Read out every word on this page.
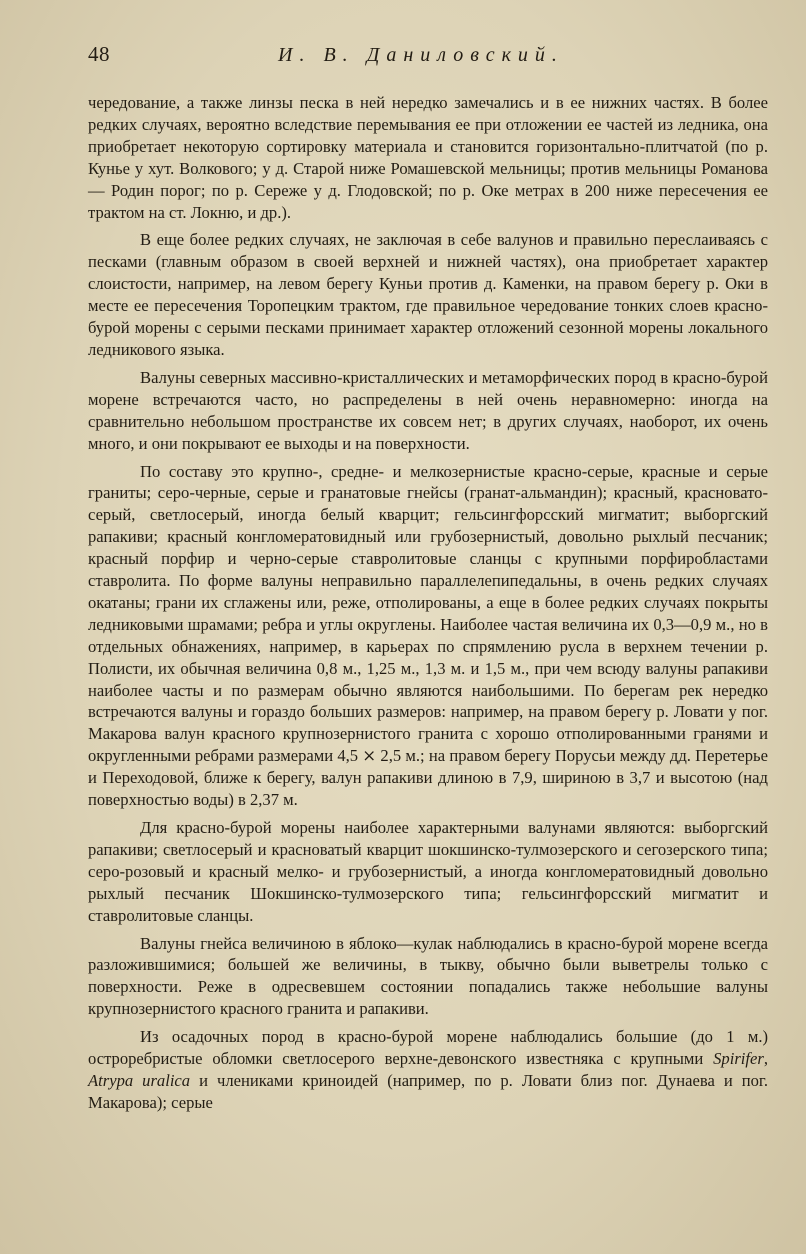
48	И. В. Даниловский.

чередование, а также линзы песка в ней нередко замечались и в ее нижних частях. В более редких случаях, вероятно вследствие перемывания ее при отложении ее частей из ледника, она приобретает некоторую сортировку материала и становится горизонтально-плитчатой (по р. Кунье у хут. Волкового; у д. Старой ниже Ромашевской мельницы; против мельницы Романова — Родин порог; по р. Сереже у д. Глодовской; по р. Оке метрах в 200 ниже пересечения ее трактом на ст. Локню, и др.).

В еще более редких случаях, не заключая в себе валунов и правильно переслаиваясь с песками (главным образом в своей верхней и нижней частях), она приобретает характер слоистости, например, на левом берегу Куньи против д. Каменки, на правом берегу р. Оки в месте ее пересечения Торопецким трактом, где правильное чередование тонких слоев красно-бурой морены с серыми песками принимает характер отложений сезонной морены локального ледникового языка.

Валуны северных массивно-кристаллических и метаморфических пород в красно-бурой морене встречаются часто, но распределены в ней очень неравномерно: иногда на сравнительно небольшом пространстве их совсем нет; в других случаях, наоборот, их очень много, и они покрывают ее выходы и на поверхности.

По составу это крупно-, средне- и мелкозернистые красно-серые, красные и серые граниты; серо-черные, серые и гранатовые гнейсы (гранат-альмандин); красный, красновато-серый, светлосерый, иногда белый кварцит; гельсингфорсский мигматит; выборгский рапакиви; красный конгломератовидный или грубозернистый, довольно рыхлый песчаник; красный порфир и черно-серые ставролитовые сланцы с крупными порфиробластами ставролита. По форме валуны неправильно параллелепипедальны, в очень редких случаях окатаны; грани их сглажены или, реже, отполированы, а еще в более редких случаях покрыты ледниковыми шрамами; ребра и углы округлены. Наиболее частая величина их 0,3—0,9 м., но в отдельных обнажениях, например, в карьерах по спрямлению русла в верхнем течении р. Полисти, их обычная величина 0,8 м., 1,25 м., 1,3 м. и 1,5 м., при чем всюду валуны рапакиви наиболее часты и по размерам обычно являются наибольшими. По берегам рек нередко встречаются валуны и гораздо больших размеров: например, на правом берегу р. Ловати у пог. Макарова валун красного крупнозернистого гранита с хорошо отполированными гранями и округленными ребрами размерами 4,5 ⨯ 2,5 м.; на правом берегу Порусьи между дд. Перетерье и Переходовой, ближе к берегу, валун рапакиви длиною в 7,9, шириною в 3,7 и высотою (над поверхностью воды) в 2,37 м.

Для красно-бурой морены наиболее характерными валунами являются: выборгский рапакиви; светлосерый и красноватый кварцит шокшинско-тулмозерского и сегозерского типа; серо-розовый и красный мелко- и грубозернистый, а иногда конгломератовидный довольно рыхлый песчаник Шокшинско-тулмозерского типа; гельсингфорсский мигматит и ставролитовые сланцы.

Валуны гнейса величиною в яблоко—кулак наблюдались в красно-бурой морене всегда разложившимися; большей же величины, в тыкву, обычно были выветрелы только с поверхности. Реже в одресвевшем состоянии попадались также небольшие валуны крупнозернистого красного гранита и рапакиви.

Из осадочных пород в красно-бурой морене наблюдались большие (до 1 м.) остроребристые обломки светлосерого верхне-девонского известняка с крупными Spirifer, Atrypa uralica и члениками криноидей (например, по р. Ловати близ пог. Дунаева и пог. Макарова); серые
